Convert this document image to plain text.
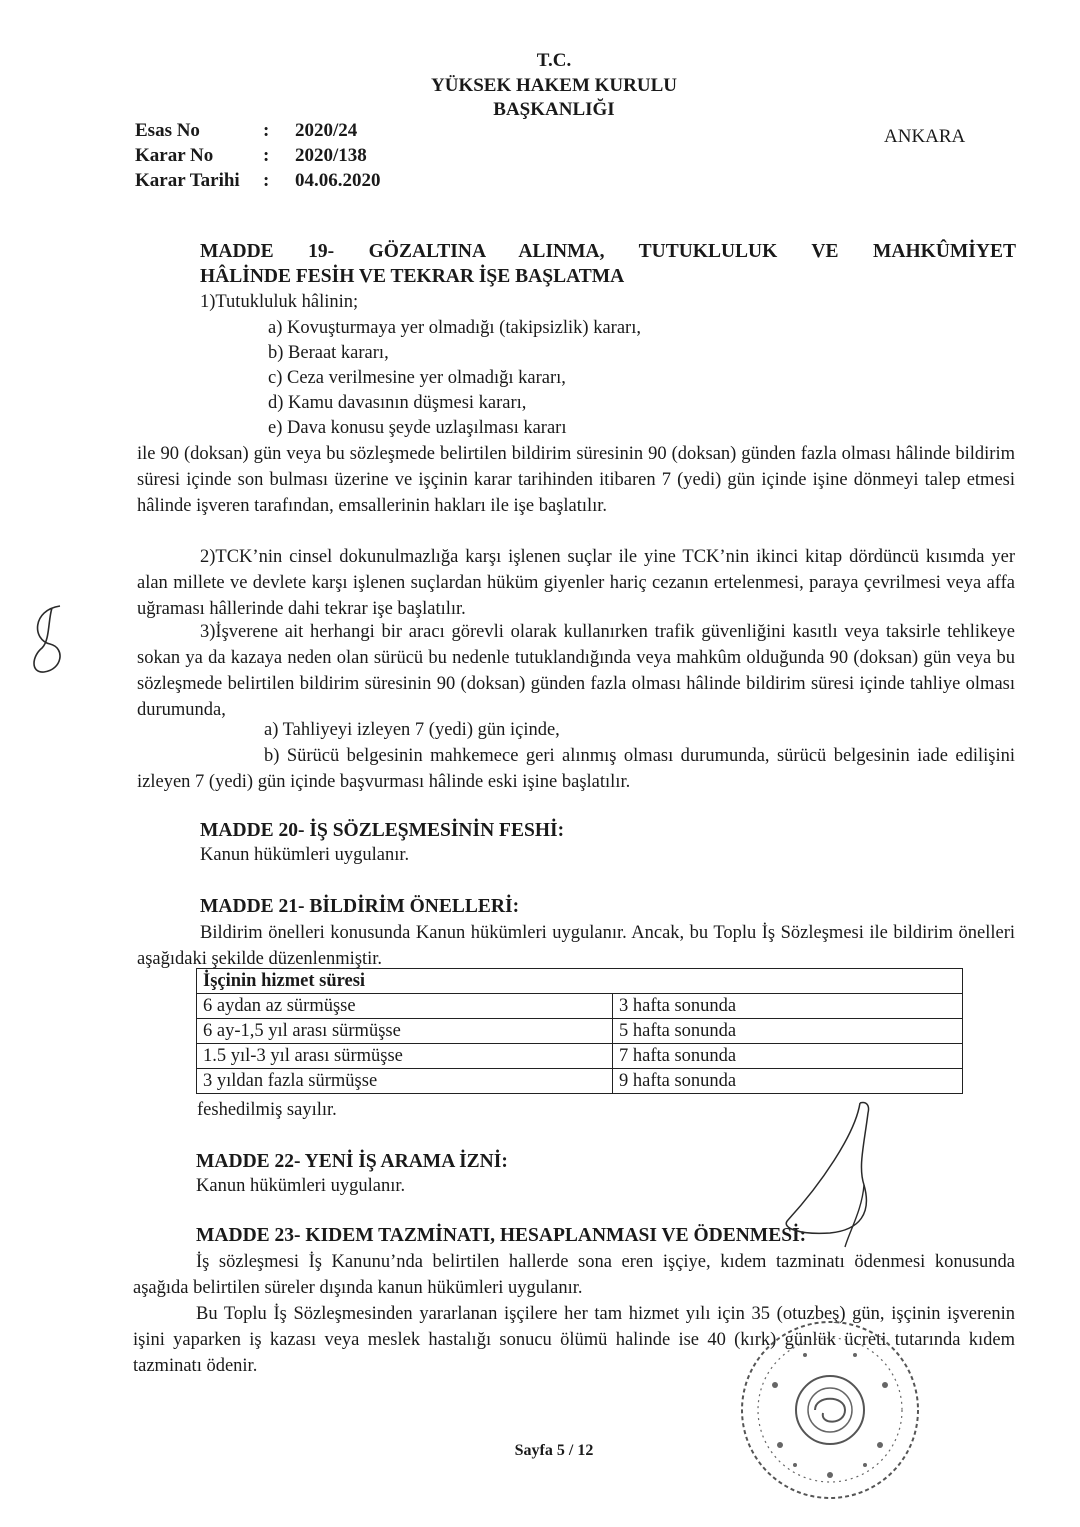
T.C.
YÜKSEK HAKEM KURULU
BAŞKANLIĞI
Esas No	: 2020/24
Karar No	: 2020/138
Karar Tarihi : 04.06.2020
ANKARA
MADDE 19- GÖZALTINA ALINMA, TUTUKLULUK VE MAHKÛMİYET
HÂLİNDE FESİH VE TEKRAR İŞE BAŞLATMA
1)Tutukluluk hâlinin;
a) Kovuşturmaya yer olmadığı (takipsizlik) kararı,
b) Beraat kararı,
c) Ceza verilmesine yer olmadığı kararı,
d) Kamu davasının düşmesi kararı,
e) Dava konusu şeyde uzlaşılması kararı
ile 90 (doksan) gün veya bu sözleşmede belirtilen bildirim süresinin 90 (doksan) günden fazla olması hâlinde bildirim süresi içinde son bulması üzerine ve işçinin karar tarihinden itibaren 7 (yedi) gün içinde işine dönmeyi talep etmesi hâlinde işveren tarafından, emsallerinin hakları ile işe başlatılır.
2)TCK’nin cinsel dokunulmazlığa karşı işlenen suçlar ile yine TCK’nin ikinci kitap dördüncü kısımda yer alan millete ve devlete karşı işlenen suçlardan hüküm giyenler hariç cezanın ertelenmesi, paraya çevrilmesi veya affa uğraması hâllerinde dahi tekrar işe başlatılır.
3)İşverene ait herhangi bir aracı görevli olarak kullanırken trafik güvenliğini kasıtlı veya taksirle tehlikeye sokan ya da kazaya neden olan sürücü bu nedenle tutuklandığında veya mahkûm olduğunda 90 (doksan) gün veya bu sözleşmede belirtilen bildirim süresinin 90 (doksan) günden fazla olması hâlinde bildirim süresi içinde tahliye olması durumunda,
a) Tahliyeyi izleyen 7 (yedi) gün içinde,
b) Sürücü belgesinin mahkemece geri alınmış olması durumunda, sürücü belgesinin iade edilişini izleyen 7 (yedi) gün içinde başvurması hâlinde eski işine başlatılır.
MADDE 20- İŞ SÖZLEŞMESİNİN FESHİ:
Kanun hükümleri uygulanır.
MADDE 21- BİLDİRİM ÖNELLERİ:
Bildirim önelleri konusunda Kanun hükümleri uygulanır. Ancak, bu Toplu İş Sözleşmesi ile bildirim önelleri aşağıdaki şekilde düzenlenmiştir.
İşçinin hizmet süresi	
6 aydan az sürmüşse	3 hafta sonunda
6 ay-1,5 yıl arası sürmüşse	5 hafta sonunda
1.5 yıl-3 yıl arası sürmüşse	7 hafta sonunda
3 yıldan fazla sürmüşse	9 hafta sonunda
feshedilmiş sayılır.
MADDE 22- YENİ İŞ ARAMA İZNİ:
Kanun hükümleri uygulanır.
MADDE 23- KIDEM TAZMİNATI, HESAPLANMASI VE ÖDENMESİ:
İş sözleşmesi İş Kanunu’nda belirtilen hallerde sona eren işçiye, kıdem tazminatı ödenmesi konusunda aşağıda belirtilen süreler dışında kanun hükümleri uygulanır.
Bu Toplu İş Sözleşmesinden yararlanan işçilere her tam hizmet yılı için 35 (otuzbeş) gün, işçinin işverenin işini yaparken iş kazası veya meslek hastalığı sonucu ölümü halinde ise 40 (kırk) günlük ücreti tutarında kıdem tazminatı ödenir.
Sayfa 5 / 12
